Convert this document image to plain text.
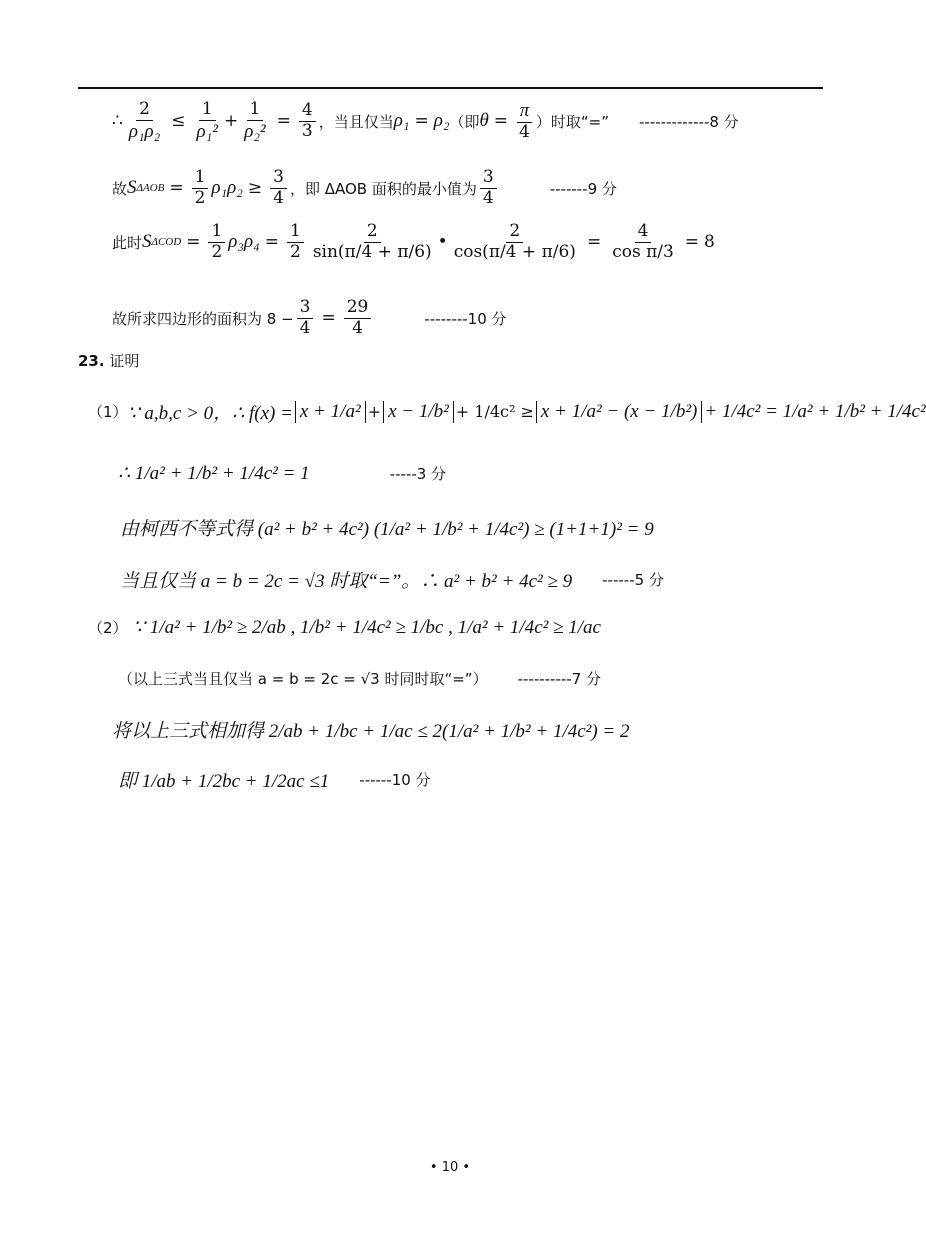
∴ $\frac{2}{\text{ρ₁ρ₂}} \le \frac{1}{\text{ρ₁²}} + \frac{1}{\text{ρ₂²}} = \frac{4}{3}$ ，当且仅当 ρ₁ = ρ₂ （即 $\theta = \frac{\pi}{4}$ ）时取“=” -------------8 分
故 S $\Delta AOB = \frac{1}{2} \rho_1\rho_2 \ge \frac{3}{4}$ ，即 ΔAOB 面积的最小值为 $\frac{3}{4}$	-------9 分
此时 S $\Delta COD = \frac{1}{2} \rho_3\rho_4 = \frac{1}{2} \frac{2}{\sin(\pi/4 + \pi/6)}$ • $\frac{2}{\cos(\pi/4 + \pi/6)} = \frac{4}{\text{cos π/3}} = 8$
故所求四边形的面积为 $8 - \frac{3}{4} = \frac{29}{4}$	--------10 分
23.
证明
（1） ∵ a,b,c > 0，∴ f(x) = x + 1/a² + x − 1/b² + 1/4c² ≥ x + 1/a² − (x − 1/b²) + 1/4c² = 1/a² + 1/b² + 1/4c²
∴ 1/a² + 1/b² + 1/4c² = 1	-----3 分
由柯西不等式得 (a² + b² + 4c²) (1/a² + 1/b² + 1/4c²) ≥ (1+1+1)² = 9
当且仅当 a = b = 2c = √3 时取“=”。∴ a² + b² + 4c² ≥ 9 ------5 分
（2）
∵ 1/a² + 1/b² ≥ 2/ab , 1/b² + 1/4c² ≥ 1/bc , 1/a² + 1/4c² ≥ 1/ac
（以上三式当且仅当 a = b = 2c = √3 时同时取“=”） ----------7 分
将以上三式相加得 2/ab + 1/bc + 1/ac ≤ 2(1/a² + 1/b² + 1/4c²) = 2
即 1/ab + 1/2bc + 1/2ac ≤1 ------10 分
• 10 •
